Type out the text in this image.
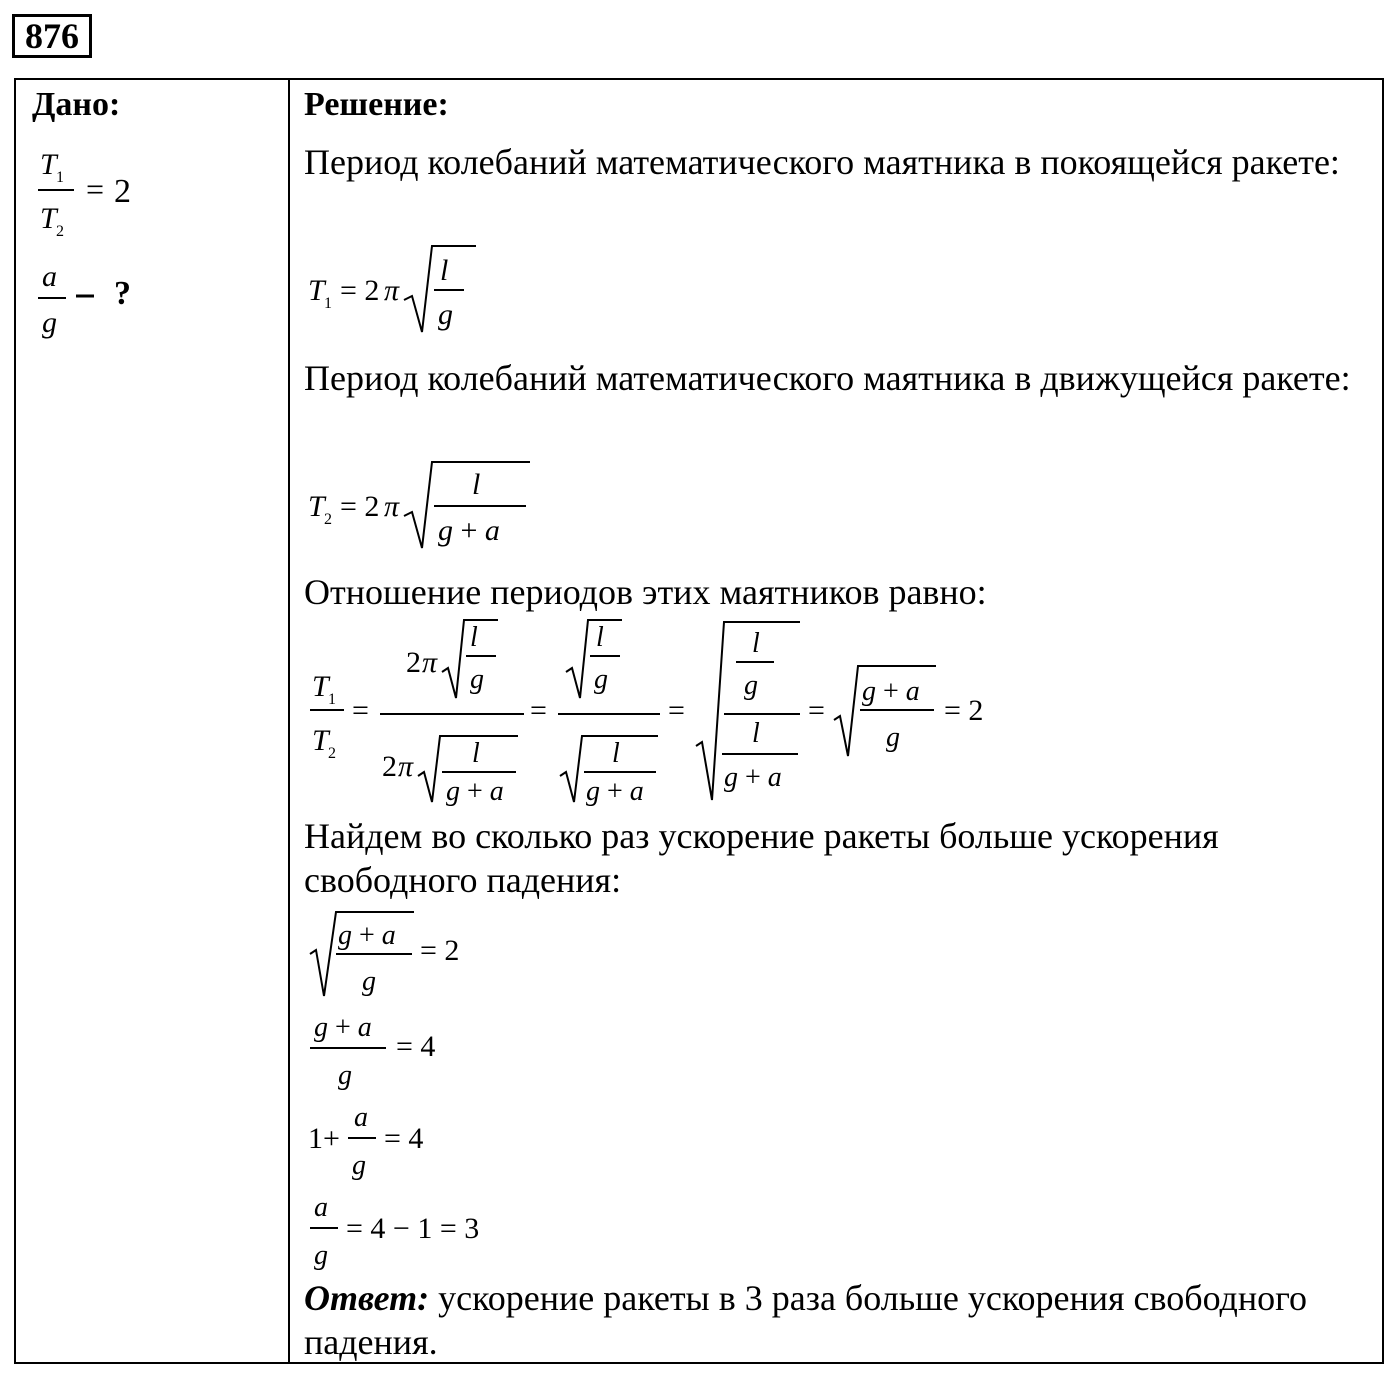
876
Дано:
T 1
T 2
= 2
a
g
?
Решение:
Период колебаний математического маятника в покоящейся ракете:
T 1 = 2 π
l
g
Период колебаний математического маятника в движущейся ракете:
T 2 = 2 π
l
g + a
Отношение периодов этих маятников равно:
T 1
T 2
=
2 π
l
g
2 π l
g + a
=
l
g
l
g + a
=
l
g
l
g + a
=
g + a
g
= 2
Найдем во сколько раз ускорение ракеты больше ускорения свободного падения:
g + a
g
= 2
g + a
g
= 4
1+
a
g
= 4
a
g
= 4 − 1 = 3
Ответ: ускорение ракеты в 3 раза больше ускорения свободного падения.
